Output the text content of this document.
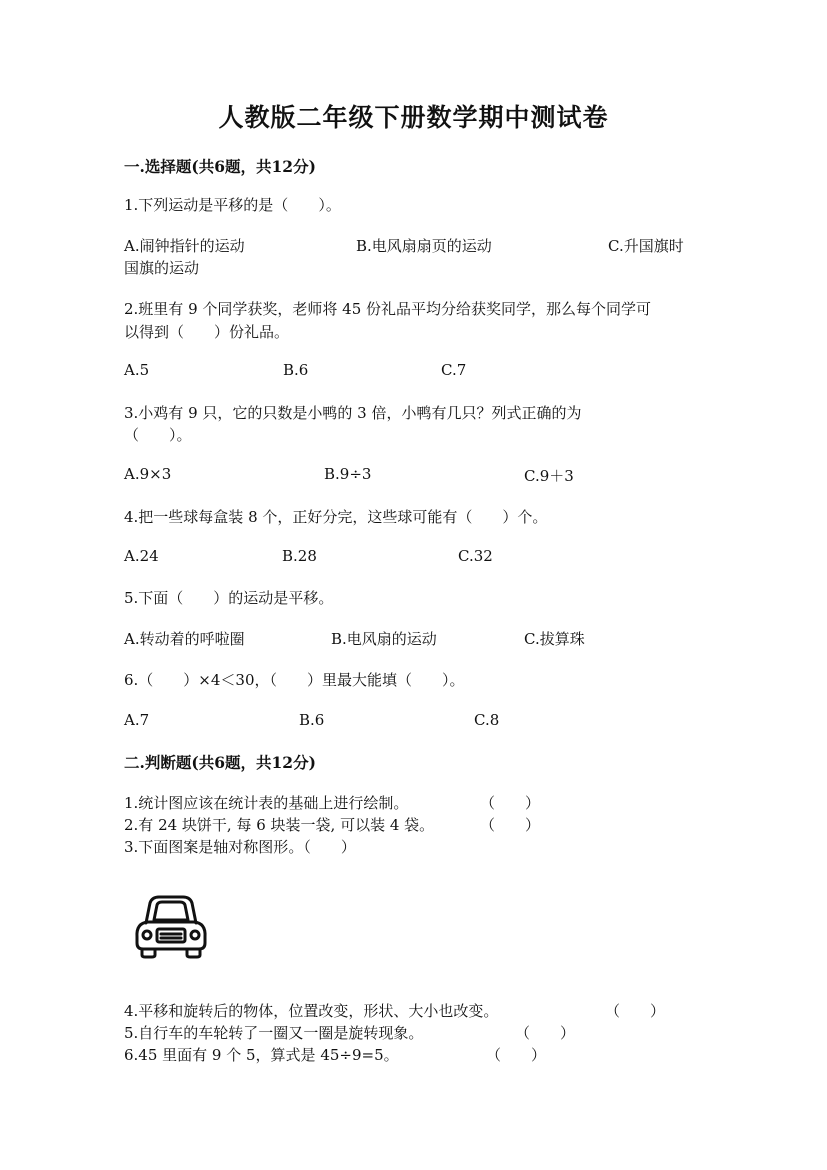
人教版二年级下册数学期中测试卷
一.选择题(共6题，共12分)
1.下列运动是平移的是（　　）。
A.闹钟指针的运动	B.电风扇扇页的运动	C.升国旗时
国旗的运动
2.班里有 9 个同学获奖，老师将 45 份礼品平均分给获奖同学，那么每个同学可
以得到（　　）份礼品。
A.5	B.6	C.7
3.小鸡有 9 只，它的只数是小鸭的 3 倍，小鸭有几只？列式正确的为
（　　）。
A.9×3	B.9÷3	C.9＋3
4.把一些球每盒装 8 个，正好分完，这些球可能有（　　）个。
A.24	B.28	C.32
5.下面（　　）的运动是平移。
A.转动着的呼啦圈	B.电风扇的运动	C.拔算珠
6.（　　）×4＜30，（　　）里最大能填（　　）。
A.7	B.6	C.8
二.判断题(共6题，共12分)
1.统计图应该在统计表的基础上进行绘制。	（　　）
2.有 24 块饼干, 每 6 块装一袋, 可以装 4 袋。	（　　）
3.下面图案是轴对称图形。（　　）
4.平移和旋转后的物体，位置改变，形状、大小也改变。	（　　）
5.自行车的车轮转了一圈又一圈是旋转现象。	（　　）
6.45 里面有 9 个 5，算式是 45÷9=5。	（　　）
